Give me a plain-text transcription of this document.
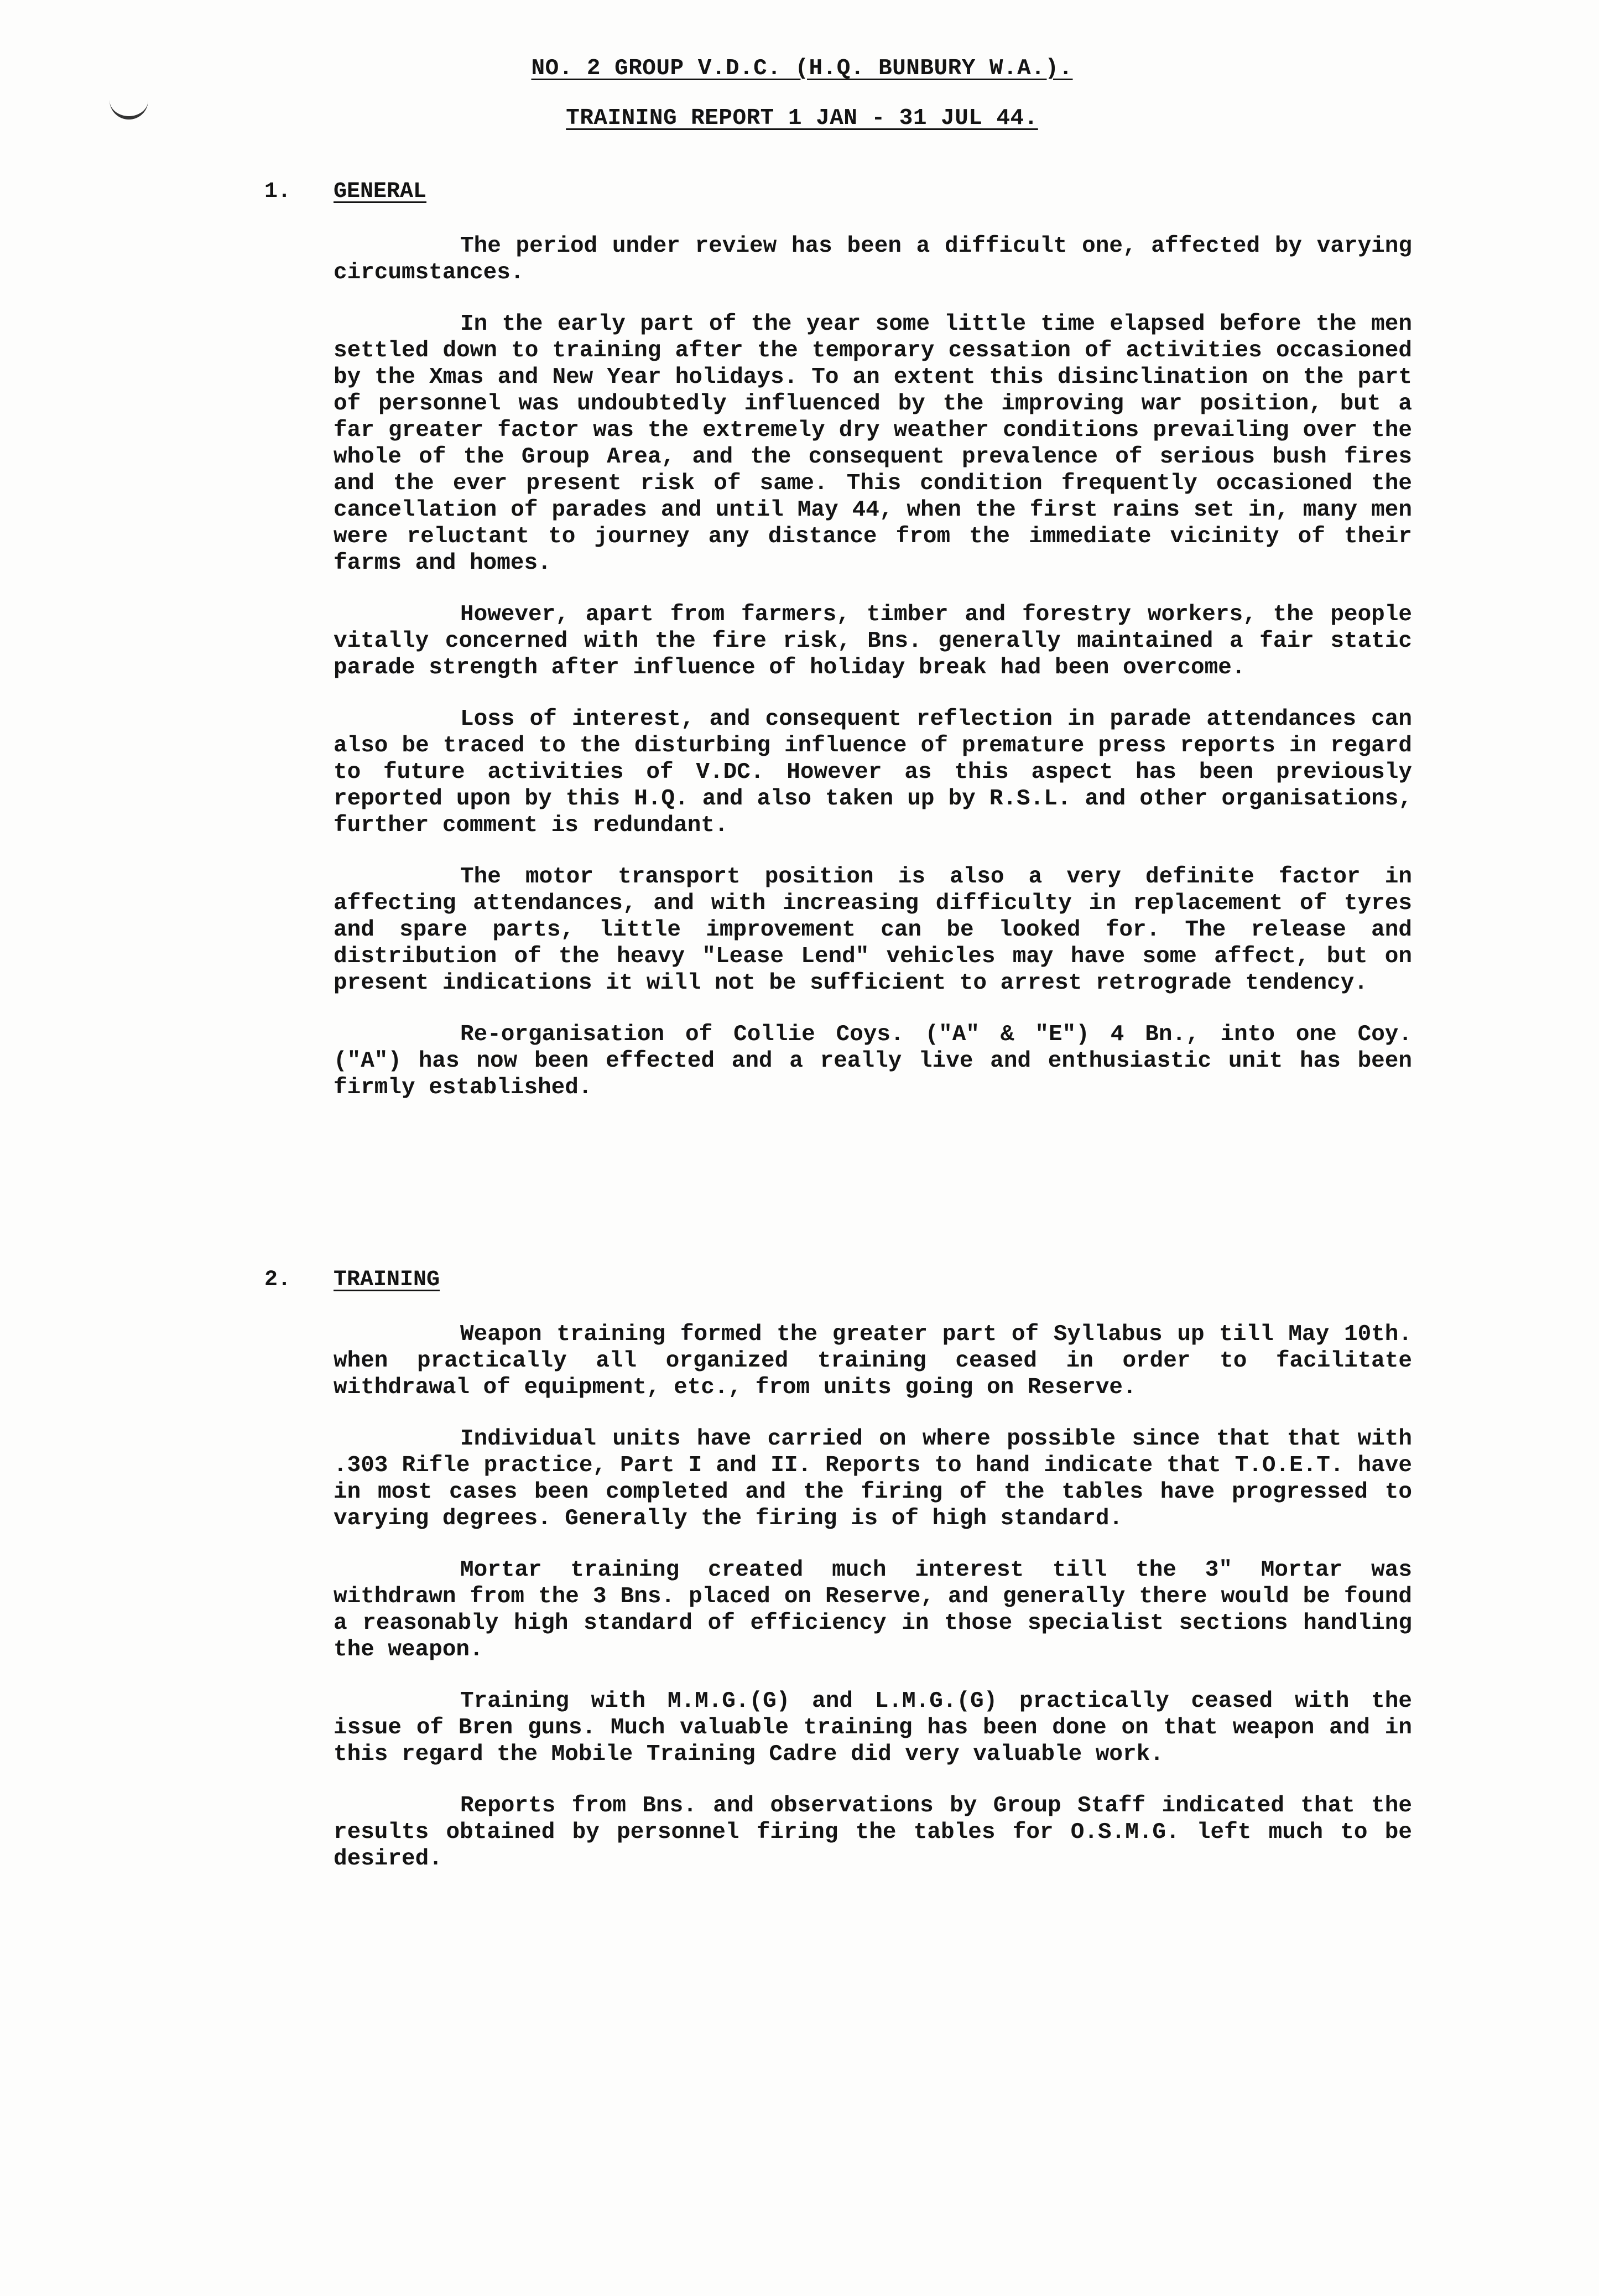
NO. 2 GROUP V.D.C. (H.Q. BUNBURY W.A.).
TRAINING REPORT 1 JAN - 31 JUL 44.
1. GENERAL

The period under review has been a difficult one, affected by varying circumstances.

In the early part of the year some little time elapsed before the men settled down to training after the temporary cessation of activities occasioned by the Xmas and New Year holidays. To an extent this disinclination on the part of personnel was undoubtedly influenced by the improving war position, but a far greater factor was the extremely dry weather conditions prevailing over the whole of the Group Area, and the consequent prevalence of serious bush fires and the ever present risk of same. This condition frequently occasioned the cancellation of parades and until May 44, when the first rains set in, many men were reluctant to journey any distance from the immediate vicinity of their farms and homes.

However, apart from farmers, timber and forestry workers, the people vitally concerned with the fire risk, Bns. generally maintained a fair static parade strength after influence of holiday break had been overcome.

Loss of interest, and consequent reflection in parade attendances can also be traced to the disturbing influence of premature press reports in regard to future activities of V.DC. However as this aspect has been previously reported upon by this H.Q. and also taken up by R.S.L. and other organisations, further comment is redundant.

The motor transport position is also a very definite factor in affecting attendances, and with increasing difficulty in replacement of tyres and spare parts, little improvement can be looked for. The release and distribution of the heavy "Lease Lend" vehicles may have some affect, but on present indications it will not be sufficient to arrest retrograde tendency.

Re-organisation of Collie Coys. ("A" & "E") 4 Bn., into one Coy. ("A") has now been effected and a really live and enthusiastic unit has been firmly established.

2. TRAINING

Weapon training formed the greater part of Syllabus up till May 10th. when practically all organized training ceased in order to facilitate withdrawal of equipment, etc., from units going on Reserve.

Individual units have carried on where possible since that that with .303 Rifle practice, Part I and II. Reports to hand indicate that T.O.E.T. have in most cases been completed and the firing of the tables have progressed to varying degrees. Generally the firing is of high standard.

Mortar training created much interest till the 3" Mortar was withdrawn from the 3 Bns. placed on Reserve, and generally there would be found a reasonably high standard of efficiency in those specialist sections handling the weapon.

Training with M.M.G.(G) and L.M.G.(G) practically ceased with the issue of Bren guns. Much valuable training has been done on that weapon and in this regard the Mobile Training Cadre did very valuable work.

Reports from Bns. and observations by Group Staff indicated that the results obtained by personnel firing the tables for O.S.M.G. left much to be desired.
